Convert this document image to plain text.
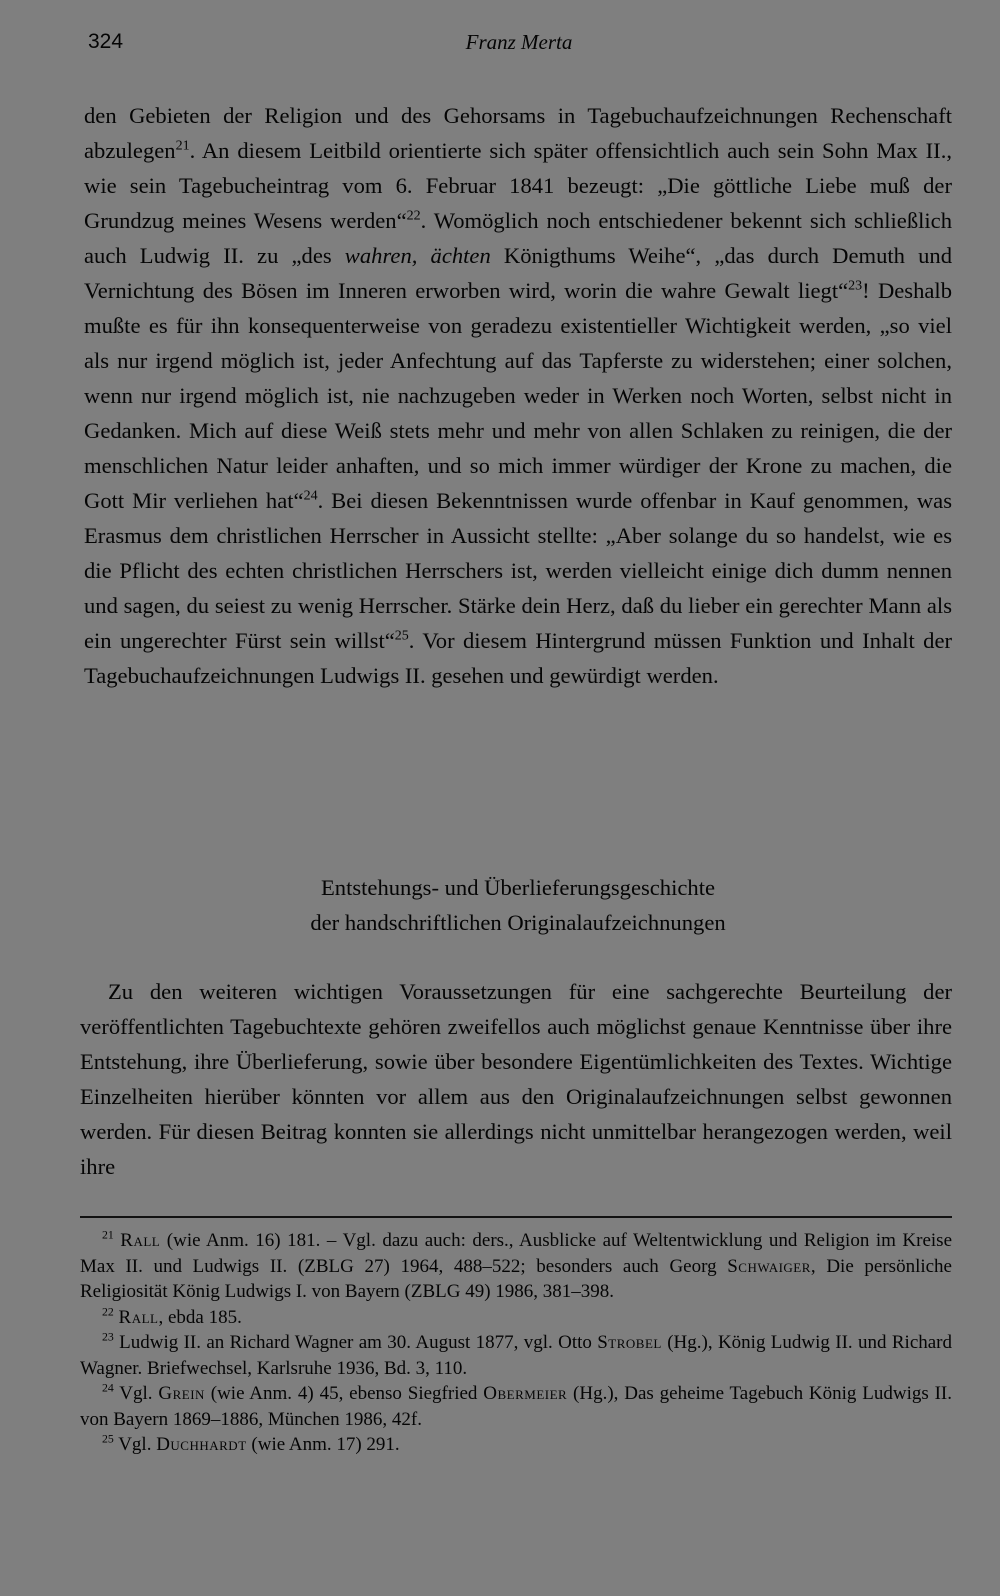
324	Franz Merta

den Gebieten der Religion und des Gehorsams in Tagebuchaufzeichnungen Rechenschaft abzulegen$^{21}$. An diesem Leitbild orientierte sich später offensichtlich auch sein Sohn Max II., wie sein Tagebucheintrag vom 6. Februar 1841 bezeugt: „Die göttliche Liebe muß der Grundzug meines Wesens werden“$^{22}$. Womöglich noch entschiedener bekennt sich schließlich auch Ludwig II. zu „des wahren, ächten Königthums Weihe“, „das durch Demuth und Vernichtung des Bösen im Inneren erworben wird, worin die wahre Gewalt liegt“$^{23}$! Deshalb mußte es für ihn konsequenterweise von geradezu existentieller Wichtigkeit werden, „so viel als nur irgend möglich ist, jeder Anfechtung auf das Tapferste zu widerstehen; einer solchen, wenn nur irgend möglich ist, nie nachzugeben weder in Werken noch Worten, selbst nicht in Gedanken. Mich auf diese Weiß stets mehr und mehr von allen Schlaken zu reinigen, die der menschlichen Natur leider anhaften, und so mich immer würdiger der Krone zu machen, die Gott Mir verliehen hat“$^{24}$. Bei diesen Bekenntnissen wurde offenbar in Kauf genommen, was Erasmus dem christlichen Herrscher in Aussicht stellte: „Aber solange du so handelst, wie es die Pflicht des echten christlichen Herrschers ist, werden vielleicht einige dich dumm nennen und sagen, du seiest zu wenig Herrscher. Stärke dein Herz, daß du lieber ein gerechter Mann als ein ungerechter Fürst sein willst“$^{25}$. Vor diesem Hintergrund müssen Funktion und Inhalt der Tagebuchaufzeichnungen Ludwigs II. gesehen und gewürdigt werden.

Entstehungs- und Überlieferungsgeschichte
der handschriftlichen Originalaufzeichnungen

Zu den weiteren wichtigen Voraussetzungen für eine sachgerechte Beurteilung der veröffentlichten Tagebuchtexte gehören zweifellos auch möglichst genaue Kenntnisse über ihre Entstehung, ihre Überlieferung, sowie über besondere Eigentümlichkeiten des Textes. Wichtige Einzelheiten hierüber könnten vor allem aus den Originalaufzeichnungen selbst gewonnen werden. Für diesen Beitrag konnten sie allerdings nicht unmittelbar herangezogen werden, weil ihre

$^{21}$ Rall (wie Anm. 16) 181. – Vgl. dazu auch: ders., Ausblicke auf Weltentwicklung und Religion im Kreise Max II. und Ludwigs II. (ZBLG 27) 1964, 488–522; besonders auch Georg Schwaiger, Die persönliche Religiosität König Ludwigs I. von Bayern (ZBLG 49) 1986, 381–398.

$^{22}$ Rall, ebda 185.

$^{23}$ Ludwig II. an Richard Wagner am 30. August 1877, vgl. Otto Strobel (Hg.), König Ludwig II. und Richard Wagner. Briefwechsel, Karlsruhe 1936, Bd. 3, 110.

$^{24}$ Vgl. Grein (wie Anm. 4) 45, ebenso Siegfried Obermeier (Hg.), Das geheime Tagebuch König Ludwigs II. von Bayern 1869–1886, München 1986, 42f.

$^{25}$ Vgl. Duchhardt (wie Anm. 17) 291.
